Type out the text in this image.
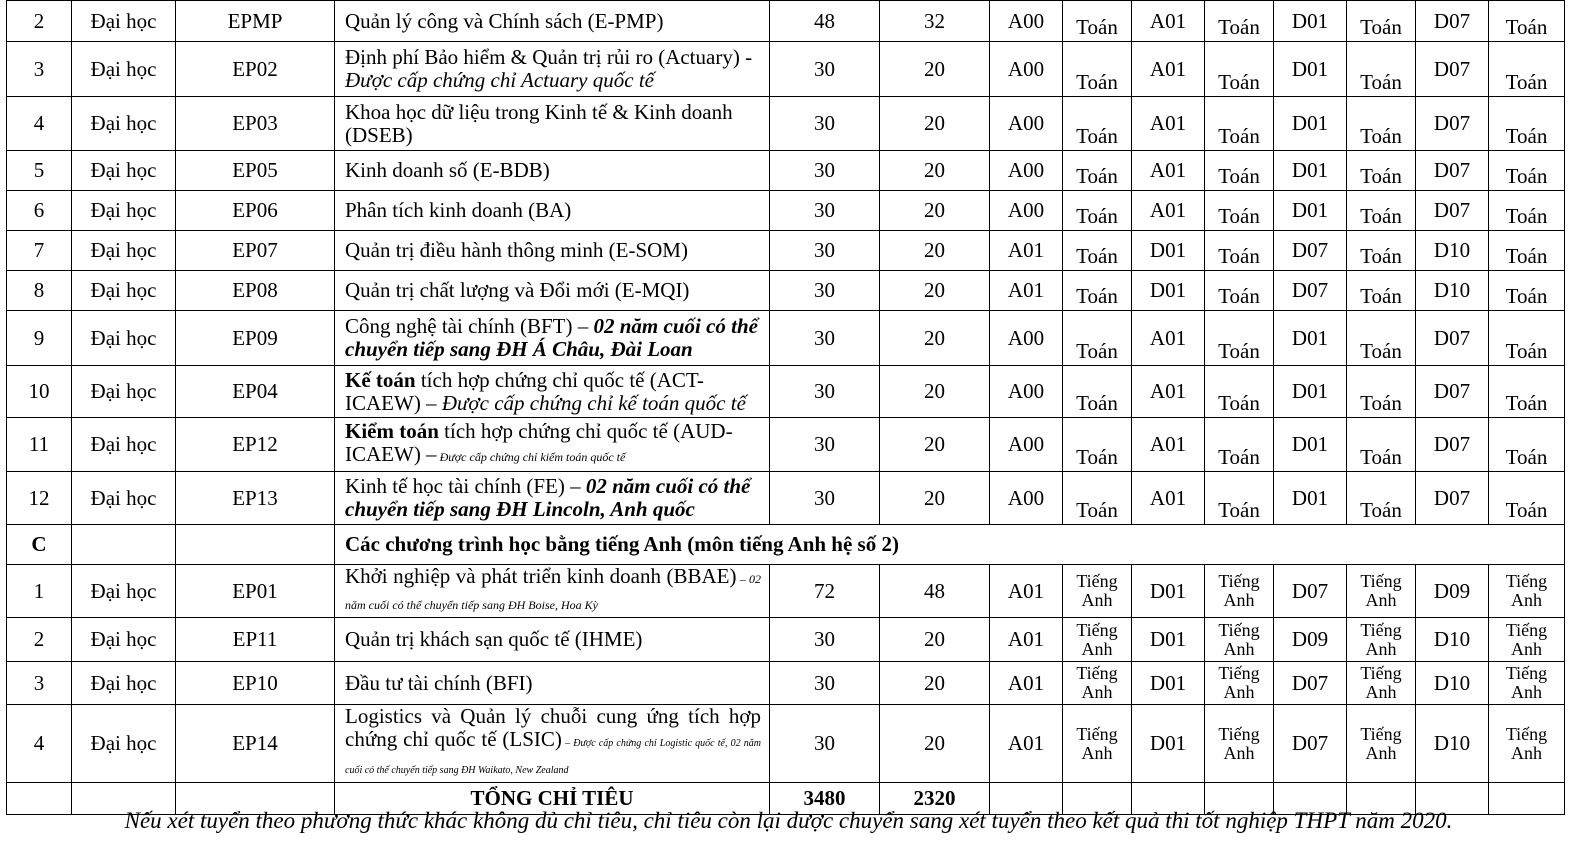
2	Đại học	EPMP	Quản lý công và Chính sách (E-PMP)	48	32	A00	Toán	A01	Toán	D01	Toán	D07	Toán
3	Đại học	EP02	Định phí Bảo hiểm & Quản trị rủi ro (Actuary) - Được cấp chứng chỉ Actuary quốc tế	30	20	A00	Toán	A01	Toán	D01	Toán	D07	Toán
4	Đại học	EP03	Khoa học dữ liệu trong Kinh tế & Kinh doanh (DSEB)	30	20	A00	Toán	A01	Toán	D01	Toán	D07	Toán
5	Đại học	EP05	Kinh doanh số (E-BDB)	30	20	A00	Toán	A01	Toán	D01	Toán	D07	Toán
6	Đại học	EP06	Phân tích kinh doanh (BA)	30	20	A00	Toán	A01	Toán	D01	Toán	D07	Toán
7	Đại học	EP07	Quản trị điều hành thông minh (E-SOM)	30	20	A01	Toán	D01	Toán	D07	Toán	D10	Toán
8	Đại học	EP08	Quản trị chất lượng và Đổi mới (E-MQI)	30	20	A01	Toán	D01	Toán	D07	Toán	D10	Toán
9	Đại học	EP09	Công nghệ tài chính (BFT) – 02 năm cuối có thể chuyển tiếp sang ĐH Á Châu, Đài Loan	30	20	A00	Toán	A01	Toán	D01	Toán	D07	Toán
10	Đại học	EP04	Kế toán tích hợp chứng chỉ quốc tế (ACT-ICAEW) – Được cấp chứng chỉ kế toán quốc tế	30	20	A00	Toán	A01	Toán	D01	Toán	D07	Toán
11	Đại học	EP12	Kiểm toán tích hợp chứng chỉ quốc tế (AUD-ICAEW) – Được cấp chứng chỉ kiểm toán quốc tế	30	20	A00	Toán	A01	Toán	D01	Toán	D07	Toán
12	Đại học	EP13	Kinh tế học tài chính (FE) – 02 năm cuối có thể chuyển tiếp sang ĐH Lincoln, Anh quốc	30	20	A00	Toán	A01	Toán	D01	Toán	D07	Toán
C			Các chương trình học bằng tiếng Anh (môn tiếng Anh hệ số 2)										
1	Đại học	EP01	Khởi nghiệp và phát triển kinh doanh (BBAE) – 02 năm cuối có thể chuyển tiếp sang ĐH Boise, Hoa Kỳ	72	48	A01	Tiếng Anh	D01	Tiếng Anh	D07	Tiếng Anh	D09	Tiếng Anh
2	Đại học	EP11	Quản trị khách sạn quốc tế (IHME)	30	20	A01	Tiếng Anh	D01	Tiếng Anh	D09	Tiếng Anh	D10	Tiếng Anh
3	Đại học	EP10	Đầu tư tài chính (BFI)	30	20	A01	Tiếng Anh	D01	Tiếng Anh	D07	Tiếng Anh	D10	Tiếng Anh
4	Đại học	EP14	Logistics và Quản lý chuỗi cung ứng tích hợp chứng chỉ quốc tế (LSIC) – Được cấp chứng chỉ Logistic quốc tế, 02 năm cuối có thể chuyển tiếp sang ĐH Waikato, New Zealand	30	20	A01	Tiếng Anh	D01	Tiếng Anh	D07	Tiếng Anh	D10	Tiếng Anh
			TỔNG CHỈ TIÊU	3480	2320								
Nếu xét tuyển theo phương thức khác không đủ chỉ tiêu, chỉ tiêu còn lại được chuyển sang xét tuyển theo kết quả thi tốt nghiệp THPT năm 2020.
